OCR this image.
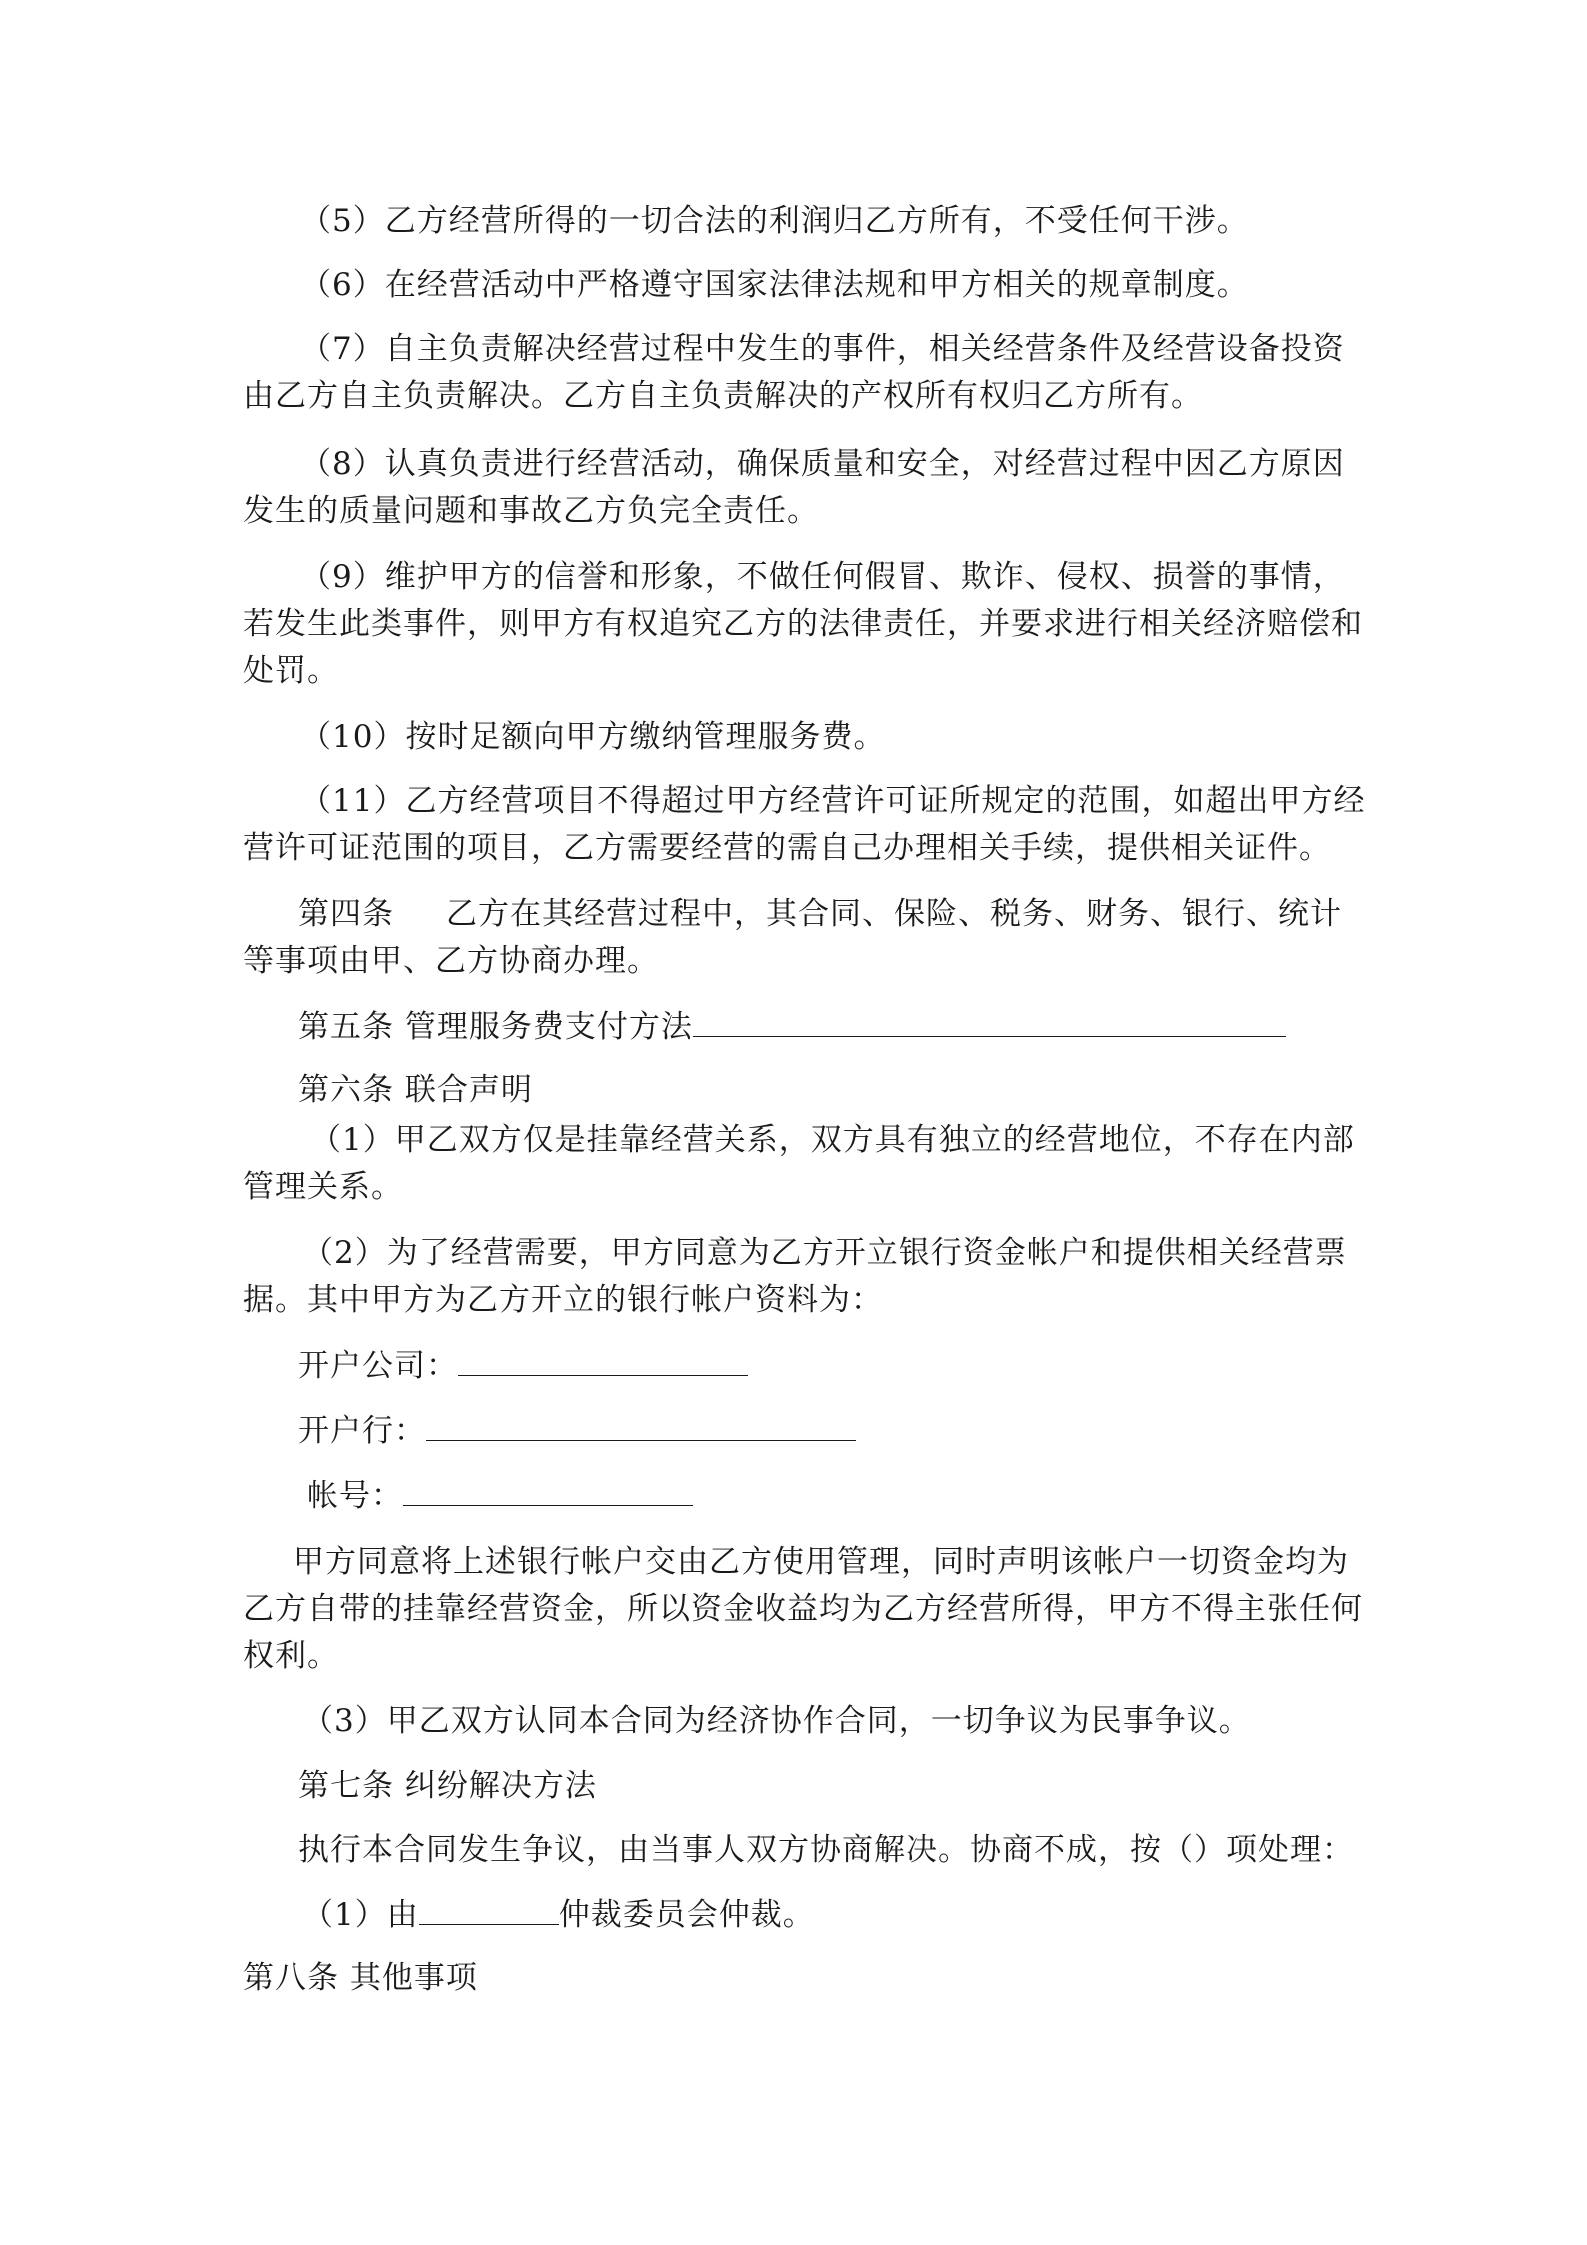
（5）乙方经营所得的一切合法的利润归乙方所有，不受任何干涉。
（6）在经营活动中严格遵守国家法律法规和甲方相关的规章制度。
（7）自主负责解决经营过程中发生的事件，相关经营条件及经营设备投资
由乙方自主负责解决。乙方自主负责解决的产权所有权归乙方所有。
（8）认真负责进行经营活动，确保质量和安全，对经营过程中因乙方原因
发生的质量问题和事故乙方负完全责任。
（9）维护甲方的信誉和形象，不做任何假冒、欺诈、侵权、损誉的事情，
若发生此类事件，则甲方有权追究乙方的法律责任，并要求进行相关经济赔偿和
处罚。
（10）按时足额向甲方缴纳管理服务费。
（11）乙方经营项目不得超过甲方经营许可证所规定的范围，如超出甲方经
营许可证范围的项目，乙方需要经营的需自己办理相关手续，提供相关证件。
第四条 乙方在其经营过程中，其合同、保险、税务、财务、银行、统计
等事项由甲、乙方协商办理。
第五条 管理服务费支付方法
第六条 联合声明
（1）甲乙双方仅是挂靠经营关系，双方具有独立的经营地位，不存在内部
管理关系。
（2）为了经营需要，甲方同意为乙方开立银行资金帐户和提供相关经营票
据。其中甲方为乙方开立的银行帐户资料为：
开户公司：
开户行：
帐号：
甲方同意将上述银行帐户交由乙方使用管理，同时声明该帐户一切资金均为
乙方自带的挂靠经营资金，所以资金收益均为乙方经营所得，甲方不得主张任何
权利。
（3）甲乙双方认同本合同为经济协作合同，一切争议为民事争议。
第七条 纠纷解决方法
执行本合同发生争议，由当事人双方协商解决。协商不成，按（）项处理：
（1）由	仲裁委员会仲裁。
第八条 其他事项
